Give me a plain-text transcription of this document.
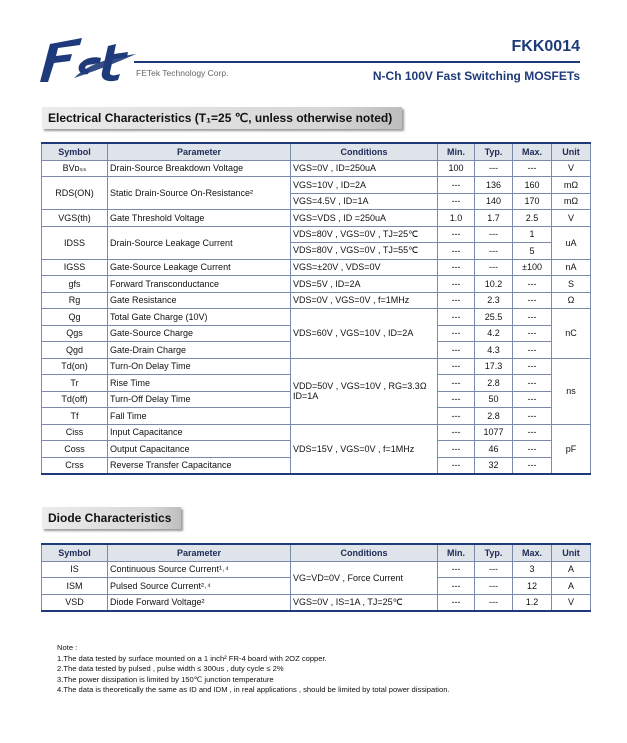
FETek Technology Corp.
FKK0014
N-Ch 100V Fast Switching MOSFETs
Electrical Characteristics (T₁=25 ℃, unless otherwise noted)
Symbol	Parameter	Conditions	Min.	Typ.	Max.	Unit
BVᴅₛₛ	Drain-Source Breakdown Voltage	VGS=0V , ID=250uA	100	---	---	V
RDS(ON)	Static Drain-Source On-Resistance²	VGS=10V , ID=2A	---	136	160	mΩ
		VGS=4.5V , ID=1A	---	140	170	mΩ
VGS(th)	Gate Threshold Voltage	VGS=VDS , ID =250uA	1.0	1.7	2.5	V
IDSS	Drain-Source Leakage Current	VDS=80V , VGS=0V , TJ=25℃	---	---	1	uA
		VDS=80V , VGS=0V , TJ=55℃	---	---	5	
IGSS	Gate-Source Leakage Current	VGS=±20V , VDS=0V	---	---	±100	nA
gfs	Forward Transconductance	VDS=5V , ID=2A	---	10.2	---	S
Rg	Gate Resistance	VDS=0V , VGS=0V , f=1MHz	---	2.3	---	Ω
Qg	Total Gate Charge (10V)	VDS=60V , VGS=10V , ID=2A	---	25.5	---	nC
Qgs	Gate-Source Charge		---	4.2	---	
Qgd	Gate-Drain Charge		---	4.3	---	
Td(on)	Turn-On Delay Time	VDD=50V , VGS=10V , RG=3.3Ω ID=1A	---	17.3	---	ns
Tr	Rise Time		---	2.8	---	
Td(off)	Turn-Off Delay Time		---	50	---	
Tf	Fall Time		---	2.8	---	
Ciss	Input Capacitance	VDS=15V , VGS=0V , f=1MHz	---	1077	---	pF
Coss	Output Capacitance		---	46	---	
Crss	Reverse Transfer Capacitance		---	32	---	
Diode Characteristics
Symbol	Parameter	Conditions	Min.	Typ.	Max.	Unit
IS	Continuous Source Current¹˒⁴	VG=VD=0V , Force Current	---	---	3	A
ISM	Pulsed Source Current²˒⁴		---	---	12	A
VSD	Diode Forward Voltage²	VGS=0V , IS=1A , TJ=25℃	---	---	1.2	V
Note :
1.The data tested by surface mounted on a 1 inch² FR-4 board with 2OZ copper.
2.The data tested by pulsed , pulse width ≤ 300us , duty cycle ≤ 2%
3.The power dissipation is limited by 150℃ junction temperature
4.The data is theoretically the same as ID and IDM , in real applications , should be limited by total power dissipation.
